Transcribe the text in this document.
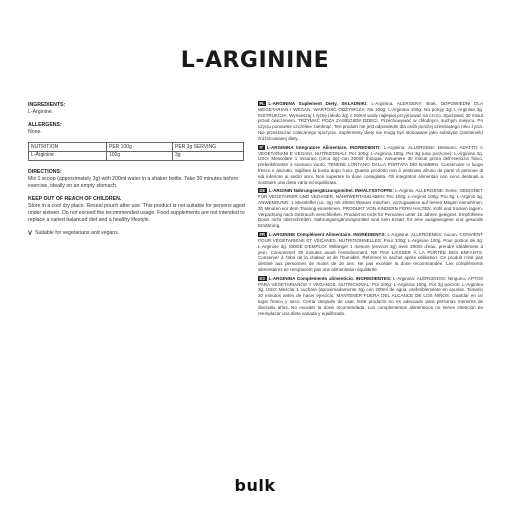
L-ARGININE
INGREDIENTS:
L-Arginine.
ALLERGENS:
None.
NUTRITION	PER 100g	PER 3g SERVING
L-Arginine	100g	3g
DIRECTIONS:
Mix 1 scoop (approximately 3g) with 200ml water in a shaker bottle. Take 30 minutes before exercise, ideally on an empty stomach.
KEEP OUT OF REACH OF CHILDREN.
Store in a cool dry place. Reseal pouch after use. This product is not suitable for persons aged under sixteen. Do not exceed the recommended usage. Food supplements are not intended to replace a varied balanced diet and a healthy lifestyle.
V Suitable for vegetarians and vegans.

PL L-ARGININA Suplement Diety. SKŁADNIKI: L-Arginina. ALERGENY: Brak. ODPOWIEDNI DLA WEGETARIAN I WEGAN. WARTOŚĆ ODŻYWCZA: Na 100g: L-Arginina 100g. Na porcję 3g: L-Arginina 3g. INSTRUKCJA: Wymieszaj 1 łyżkę (około 3g) z 200ml wody najlepiej przyjmować na czczo. Spożywać 30 minut przed ćwiczeniem. TRZYMAĆ POZA ZASIĘGIEM DZIECI. Przechowywać w chłodnym, suchym miejscu. Po użyciu ponownie szczelnie zamknąć. Ten produkt nie jest odpowiedni dla osób poniżej szesnastego roku życia. Nie przekraczać zalecanego spożycia. Suplementy diety nie mogą być stosowane jako substytut (zamiennik) zróżnicowanej diety.

IT L-ARGININA Integratore Alimentare. INGREDIENTI: L-Arginina. ALLERGENI: Nessuno. ADATTO A VEGETARIANI E VEGANI. NUTRIZIONALI: Per 100g: L-Arginina 100g. Per 3g (una porzione): L-Arginina 3g. USO: Mescolare 1 misurino (circa 3g) con 200ml d'acqua. Assumere 30 minuti prima dell'esercizio fisico, preferibilmente a stomaco vuoto. TENERE LONTANO DALLA PORTATA DEI BAMBINI. Conservare in luogo fresco e asciutto. Sigillare la busta dopo l'uso. Questo prodotto non è destinato all'uso da parte di persone di età inferiore ai sedici anni. Non superare la dose consigliata. Gli integratori alimentari non sono destinati a sostituire una dieta varia ed equilibrata.

DE L-ARGININ Nahrungsergänzungsmittel. INHALTSSTOFFE: L-Arginin. ALLERGENE: Keine. GEEIGNET FÜR VEGETARIER UND VEGANER. NÄHRWERTANGABEN: Pro 100g: L-Arginin 100g. Pro 3g: L-Arginin 3g. ANWENDUNG: 1 Messlöffel (ca. 3g) mit 200ml Wasser mischen, vorzugsweise auf leeren Magen einnehmen. 30 Minuten vor dem Training einnehmen. PRODUKT VON KINDERN FERN HALTEN. Kühl und trocken lagern. Verpackung nach Gebrauch verschließen. Produkt ist nicht für Personen unter 16 Jahren geeignet. Empfohlene Dosis nicht überschreiten. Nahrungsergänzungsmittel sind kein Ersatz für eine ausgewogene und gesunde Ernährung.

FR L-ARGININE Complément Alimentaire. INGRÉDIENTS: L-Arginine. ALLERGÈNES: Aucun. CONVIENT POUR VÉGÉTARIENS ET VÉGANES. NUTRITIONNELLES: Pour 100g: L-Arginine 100g. Pour portion de 3g: L-Arginine 3g. MODE D'EMPLOI: Mélanger 1 mesure (environ 3g) avec 200ml d'eau, prendre idéalement à jeun. Consommer 30 minutes avant l'entraînement. NE PAS LAISSER À LA PORTÉE DES ENFANTS. Conserver à l'abri de la chaleur et de l'humidité. Refermer le sachet après utilisation. Ce produit n'est pas destiné aux personnes de moins de 16 ans. Ne pas excéder la dose recommandée. Les compléments alimentaires ne remplacent pas une alimentation équilibrée.

ES L-ARGININA Complemento alimenticio. INGREDIENTES: L-Arginina. ALÉRGENOS: Ninguno. APTOS PARA VEGETARIANOS Y VEGANOS. NUTRICIONAL: Por 100g: L-Arginina 100g. Por 3g porción: L-Arginina 3g. USO: Mezclar 1 cuchara (aproximadamente 3g) con 200ml de agua, preferiblemente en ayunas. Tomarlo 30 minutos antes de hacer ejercicio. MANTENER FUERA DEL ALCANCE DE LOS NIÑOS. Guardar en un lugar fresco y seco. Cerrar después de usar. Este producto no es adecuado para personas menores de dieciséis años. No exceder la dosis recomendada. Los complementos alimenticios no tienen intención de reemplazar una dieta variada y equilibrada.

bulk
